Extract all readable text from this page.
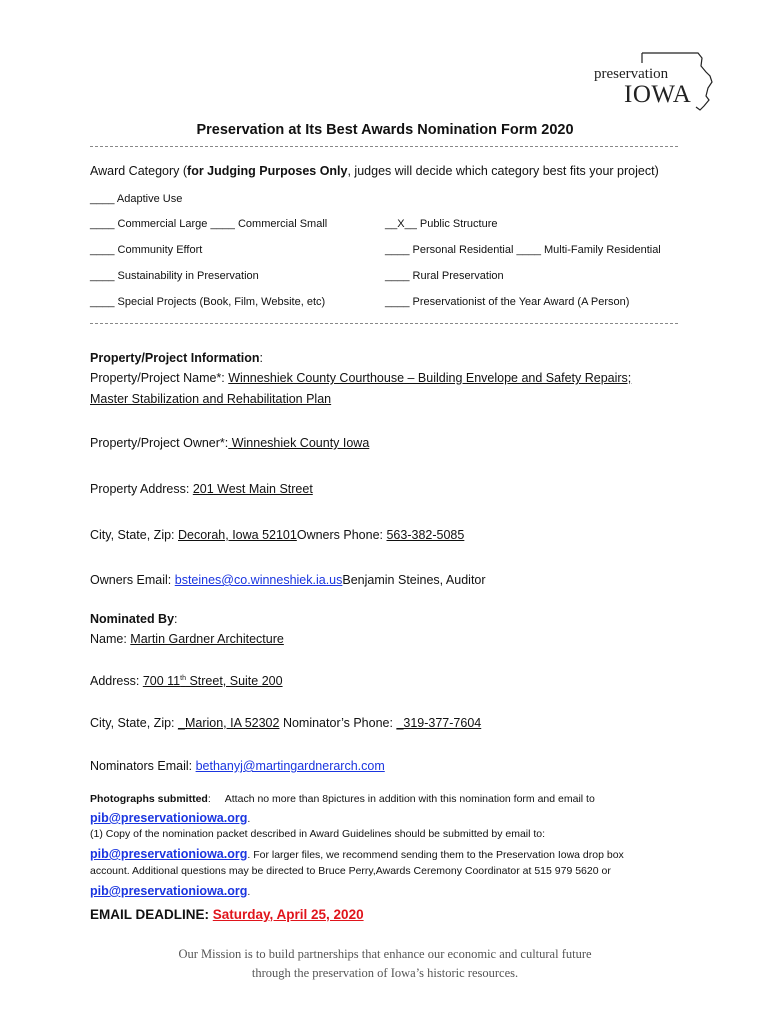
preservation
IOWA
Preservation at Its Best Awards Nomination Form 2020
Award Category (for Judging Purposes Only, judges will decide which category best fits your project)
____ Adaptive Use
____ Commercial Large ____ Commercial Small	__X__ Public Structure
____ Community Effort	____ Personal Residential ____ Multi-Family Residential
____ Sustainability in Preservation	____ Rural Preservation
____ Special Projects (Book, Film, Website, etc)	____ Preservationist of the Year Award (A Person)
Property/Project Information:
Property/Project Name*: Winneshiek County Courthouse – Building Envelope and Safety Repairs;
Master Stabilization and Rehabilitation Plan
Property/Project Owner*: Winneshiek County Iowa
Property Address: 201 West Main Street
City, State, Zip: Decorah, Iowa 52101Owners Phone: 563-382-5085
Owners Email: bsteines@co.winneshiek.ia.usBenjamin Steines, Auditor
Nominated By:
Name: Martin Gardner Architecture
Address: 700 11th Street, Suite 200
City, State, Zip: _Marion, IA 52302 Nominator’s Phone: _319-377-7604
Nominators Email: bethanyj@martingardnerarch.com
Photographs submitted: Attach no more than 8pictures in addition with this nomination form and email to
pib@preservationiowa.org.
(1) Copy of the nomination packet described in Award Guidelines should be submitted by email to:
pib@preservationiowa.org. For larger files, we recommend sending them to the Preservation Iowa drop box
account. Additional questions may be directed to Bruce Perry,Awards Ceremony Coordinator at 515 979 5620 or
pib@preservationiowa.org.
EMAIL DEADLINE: Saturday, April 25, 2020
Our Mission is to build partnerships that enhance our economic and cultural future
through the preservation of Iowa’s historic resources.
